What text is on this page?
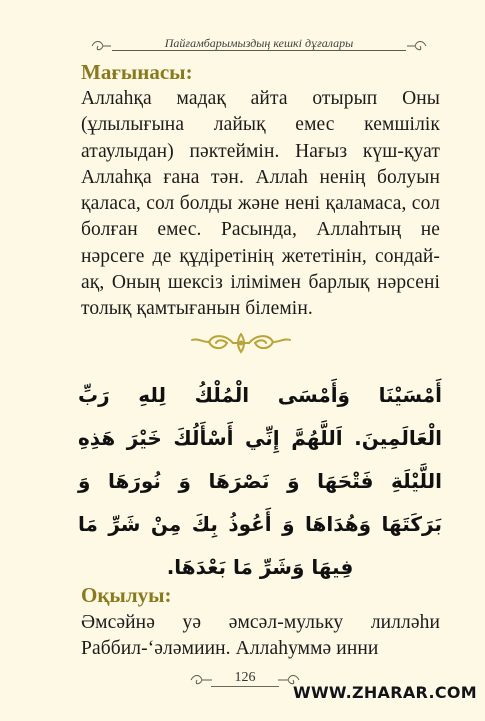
Пайғамбарымыздың кешкі дұғалары
Мағынасы:
Аллаһқа мадақ айта отырып Оны (ұлылығына лайық емес кемшілік атаулыдан) пәктеймін. Нағыз күш-қуат Аллаһқа ғана тән. Аллаһ ненің болуын қаласа, сол болды және нені қаламаса, сол болған емес. Расында, Аллаһтың не нәрсеге де құдіретінің жететінін, сондай-ақ, Оның шексіз ілімімен барлық нәрсені толық қамтығанын білемін.
أَمْسَيْنَا وَأَمْسَى الْمُلْكُ لِلهِ رَبِّ الْعَالَمِينَ. اَللَّهُمَّ إِنِّي أَسْأَلُكَ خَيْرَ هَذِهِ اللَّيْلَةِ فَتْحَهَا وَ نَصْرَهَا وَ نُورَهَا وَ بَرَكَتَهَا وَهُدَاهَا وَ أَعُوذُ بِكَ مِنْ شَرِّ مَا فِيهَا وَشَرِّ مَا بَعْدَهَا.
Оқылуы:
Әмсәйнә уә әмсәл-мульку лилләһи Раббил-‘әләмиин. Аллаһуммә инни
126
WWW.ZHARAR.COM
